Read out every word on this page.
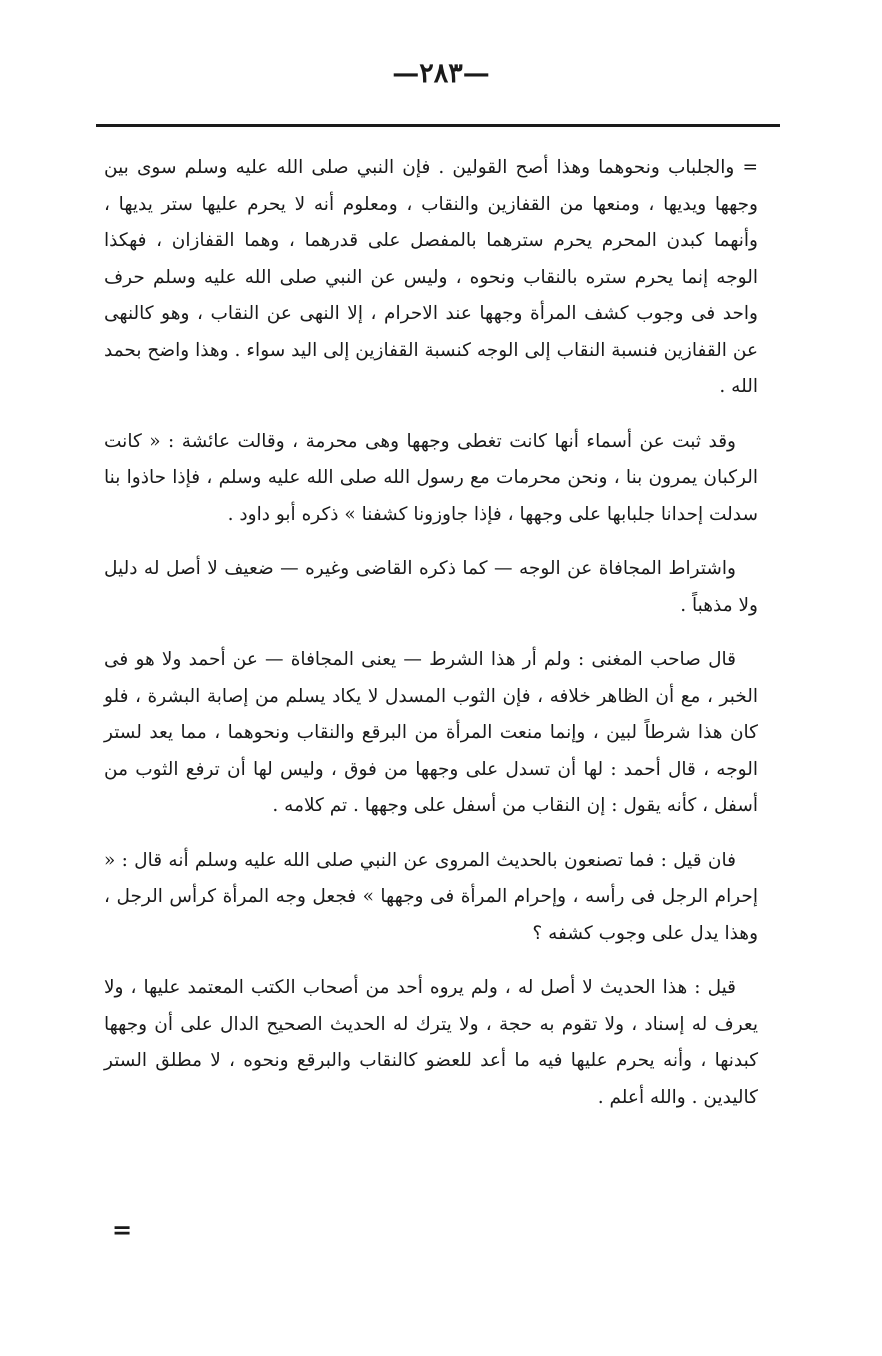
—٢٨٣—

= والجلباب ونحوهما وهذا أصح القولين . فإن النبي صلى الله عليه وسلم سوى بين وجهها ويديها ، ومنعها من القفازين والنقاب ، ومعلوم أنه لا يحرم عليها ستر يديها ، وأنهما كبدن المحرم يحرم سترهما بالمفصل على قدرهما ، وهما القفازان ، فهكذا الوجه إنما يحرم ستره بالنقاب ونحوه ، وليس عن النبي صلى الله عليه وسلم حرف واحد فى وجوب كشف المرأة وجهها عند الاحرام ، إلا النهى عن النقاب ، وهو كالنهى عن القفازين فنسبة النقاب إلى الوجه كنسبة القفازين إلى اليد سواء . وهذا واضح بحمد الله .

وقد ثبت عن أسماء أنها كانت تغطى وجهها وهى محرمة ، وقالت عائشة : « كانت الركبان يمرون بنا ، ونحن محرمات مع رسول الله صلى الله عليه وسلم ، فإذا حاذوا بنا سدلت إحدانا جلبابها على وجهها ، فإذا جاوزونا كشفنا » ذكره أبو داود .

واشتراط المجافاة عن الوجه — كما ذكره القاضى وغيره — ضعيف لا أصل له دليل ولا مذهباً .

قال صاحب المغنى : ولم أر هذا الشرط — يعنى المجافاة — عن أحمد ولا هو فى الخبر ، مع أن الظاهر خلافه ، فإن الثوب المسدل لا يكاد يسلم من إصابة البشرة ، فلو كان هذا شرطاً لبين ، وإنما منعت المرأة من البرقع والنقاب ونحوهما ، مما يعد لستر الوجه ، قال أحمد : لها أن تسدل على وجهها من فوق ، وليس لها أن ترفع الثوب من أسفل ، كأنه يقول : إن النقاب من أسفل على وجهها . تم كلامه .

فان قيل : فما تصنعون بالحديث المروى عن النبي صلى الله عليه وسلم أنه قال : « إحرام الرجل فى رأسه ، وإحرام المرأة فى وجهها » فجعل وجه المرأة كرأس الرجل ، وهذا يدل على وجوب كشفه ؟

قيل : هذا الحديث لا أصل له ، ولم يروه أحد من أصحاب الكتب المعتمد عليها ، ولا يعرف له إسناد ، ولا تقوم به حجة ، ولا يترك له الحديث الصحيح الدال على أن وجهها كبدنها ، وأنه يحرم عليها فيه ما أعد للعضو كالنقاب والبرقع ونحوه ، لا مطلق الستر كاليدين . والله أعلم .

=
